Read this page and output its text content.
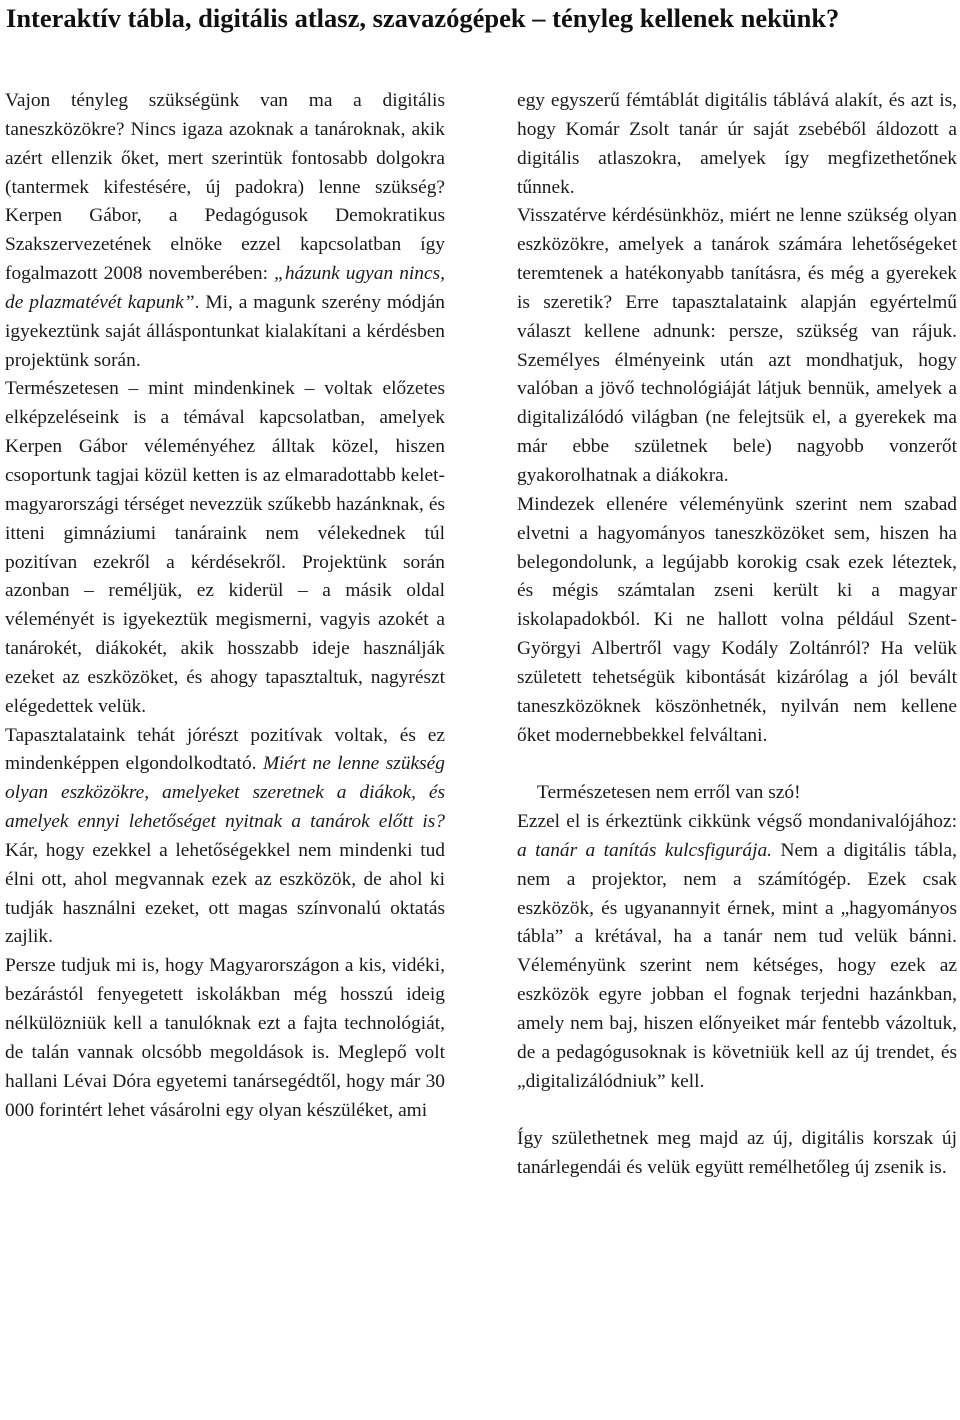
Interaktív tábla, digitális atlasz, szavazógépek – tényleg kellenek nekünk?

Vajon tényleg szükségünk van ma a digitális taneszközökre? Nincs igaza azoknak a tanároknak, akik azért ellenzik őket, mert szerintük fontosabb dolgokra (tantermek kifestésére, új padokra) lenne szükség? Kerpen Gábor, a Pedagógusok Demokratikus Szakszervezetének elnöke ezzel kapcsolatban így fogalmazott 2008 novemberében: „házunk ugyan nincs, de plazmatévét kapunk”. Mi, a magunk szerény módján igyekeztünk saját álláspontunkat kialakítani a kérdésben projektünk során.

Természetesen – mint mindenkinek – voltak előzetes elképzeléseink is a témával kapcsolatban, amelyek Kerpen Gábor véleményéhez álltak közel, hiszen csoportunk tagjai közül ketten is az elmaradottabb kelet-magyarországi térséget nevezzük szűkebb hazánknak, és itteni gimnáziumi tanáraink nem vélekednek túl pozitívan ezekről a kérdésekről. Projektünk során azonban – reméljük, ez kiderül – a másik oldal véleményét is igyekeztük megismerni, vagyis azokét a tanárokét, diákokét, akik hosszabb ideje használják ezeket az eszközöket, és ahogy tapasztaltuk, nagyrészt elégedettek velük.

Tapasztalataink tehát jórészt pozitívak voltak, és ez mindenképpen elgondolkodtató. Miért ne lenne szükség olyan eszközökre, amelyeket szeretnek a diákok, és amelyek ennyi lehetőséget nyitnak a tanárok előtt is? Kár, hogy ezekkel a lehetőségekkel nem mindenki tud élni ott, ahol megvannak ezek az eszközök, de ahol ki tudják használni ezeket, ott magas színvonalú oktatás zajlik.

Persze tudjuk mi is, hogy Magyarországon a kis, vidéki, bezárástól fenyegetett iskolákban még hosszú ideig nélkülözniük kell a tanulóknak ezt a fajta technológiát, de talán vannak olcsóbb megoldások is. Meglepő volt hallani Lévai Dóra egyetemi tanársegédtől, hogy már 30 000 forintért lehet vásárolni egy olyan készüléket, ami

egy egyszerű fémtáblát digitális táblává alakít, és azt is, hogy Komár Zsolt tanár úr saját zsebéből áldozott a digitális atlaszokra, amelyek így megfizethetőnek tűnnek.

Visszatérve kérdésünkhöz, miért ne lenne szükség olyan eszközökre, amelyek a tanárok számára lehetőségeket teremtenek a hatékonyabb tanításra, és még a gyerekek is szeretik? Erre tapasztalataink alapján egyértelmű választ kellene adnunk: persze, szükség van rájuk. Személyes élményeink után azt mondhatjuk, hogy valóban a jövő technológiáját látjuk bennük, amelyek a digitalizálódó világban (ne felejtsük el, a gyerekek ma már ebbe születnek bele) nagyobb vonzerőt gyakorolhatnak a diákokra.

Mindezek ellenére véleményünk szerint nem szabad elvetni a hagyományos taneszközöket sem, hiszen ha belegondolunk, a legújabb korokig csak ezek léteztek, és mégis számtalan zseni került ki a magyar iskolapadokból. Ki ne hallott volna például Szent-Györgyi Albertről vagy Kodály Zoltánról? Ha velük született tehetségük kibontását kizárólag a jól bevált taneszközöknek köszönhetnék, nyilván nem kellene őket modernebbekkel felváltani.

Természetesen nem erről van szó!

Ezzel el is érkeztünk cikkünk végső mondanivalójához: a tanár a tanítás kulcsfigurája. Nem a digitális tábla, nem a projektor, nem a számítógép. Ezek csak eszközök, és ugyanannyit érnek, mint a „hagyományos tábla” a krétával, ha a tanár nem tud velük bánni. Véleményünk szerint nem kétséges, hogy ezek az eszközök egyre jobban el fognak terjedni hazánkban, amely nem baj, hiszen előnyeiket már fentebb vázoltuk, de a pedagógusoknak is követniük kell az új trendet, és „digitalizálódniuk” kell.

Így születhetnek meg majd az új, digitális korszak új tanárlegendái és velük együtt remélhetőleg új zsenik is.
